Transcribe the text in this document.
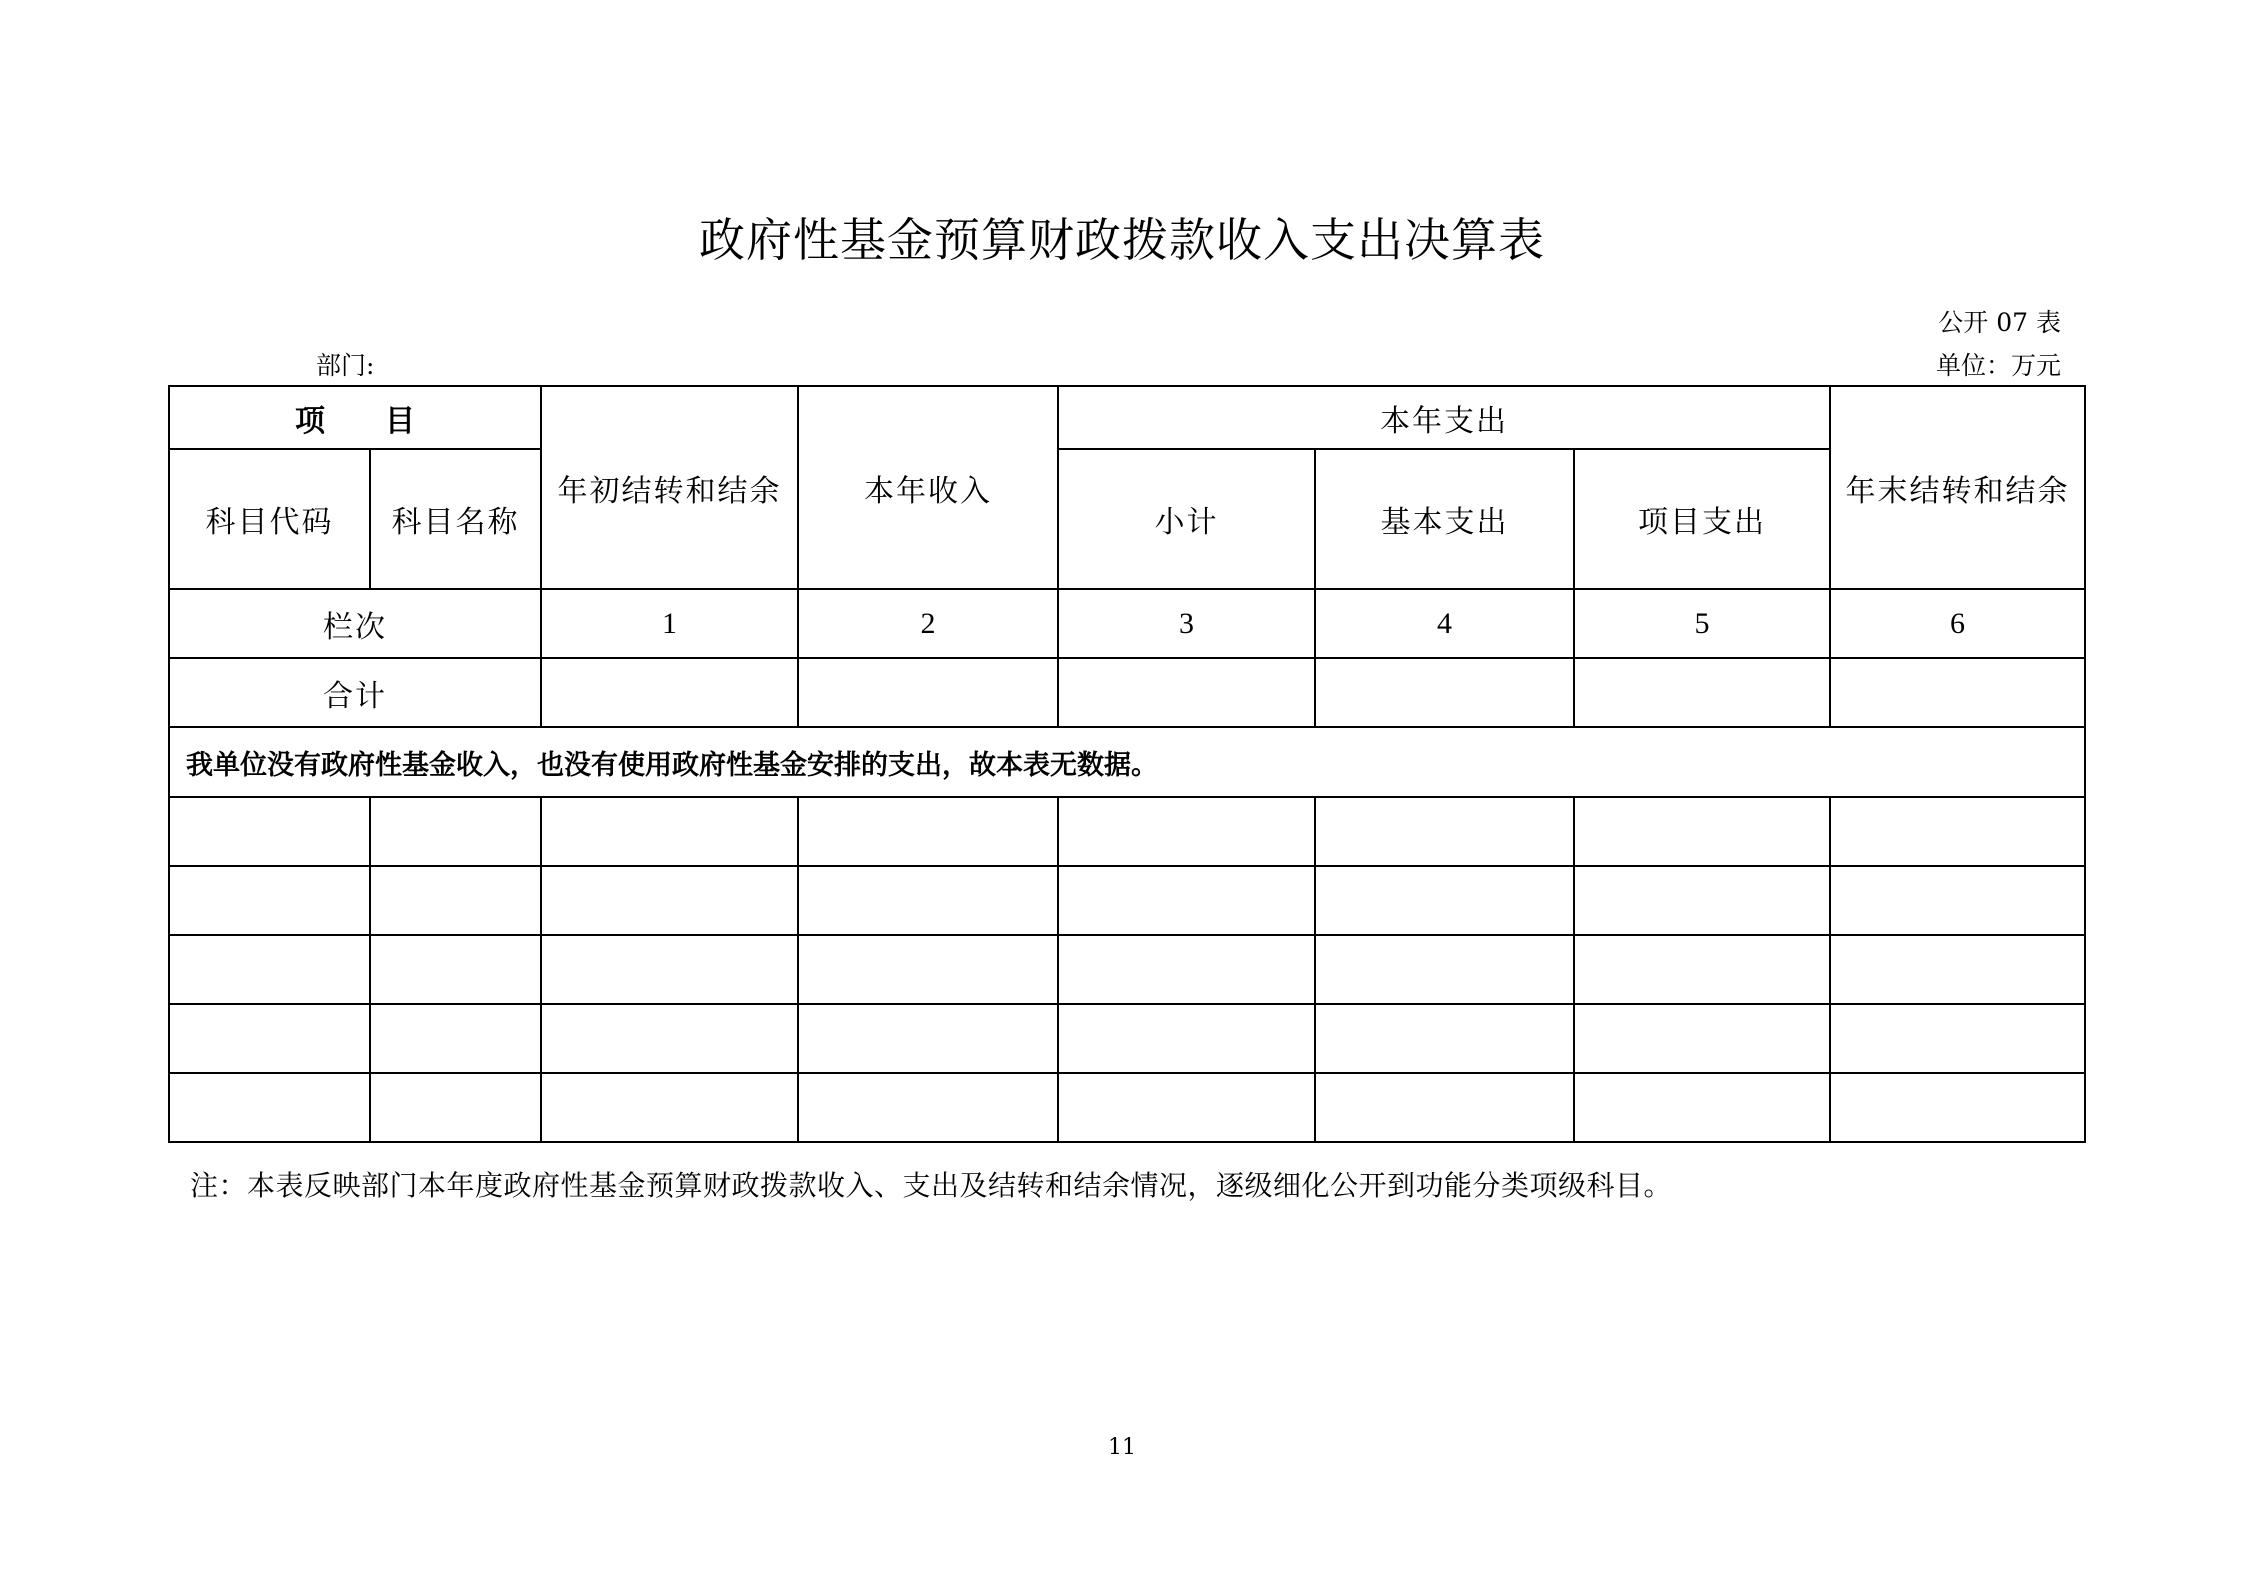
政府性基金预算财政拨款收入支出决算表
公开 07 表
部门:	单位：万元
项　　目		年初结转和结余	本年收入	本年支出			年末结转和结余
科目代码	科目名称			小计	基本支出	项目支出	
栏次		1	2	3	4	5	6
合计							
我单位没有政府性基金收入，也没有使用政府性基金安排的支出，故本表无数据。							

注：本表反映部门本年度政府性基金预算财政拨款收入、支出及结转和结余情况，逐级细化公开到功能分类项级科目。
11
